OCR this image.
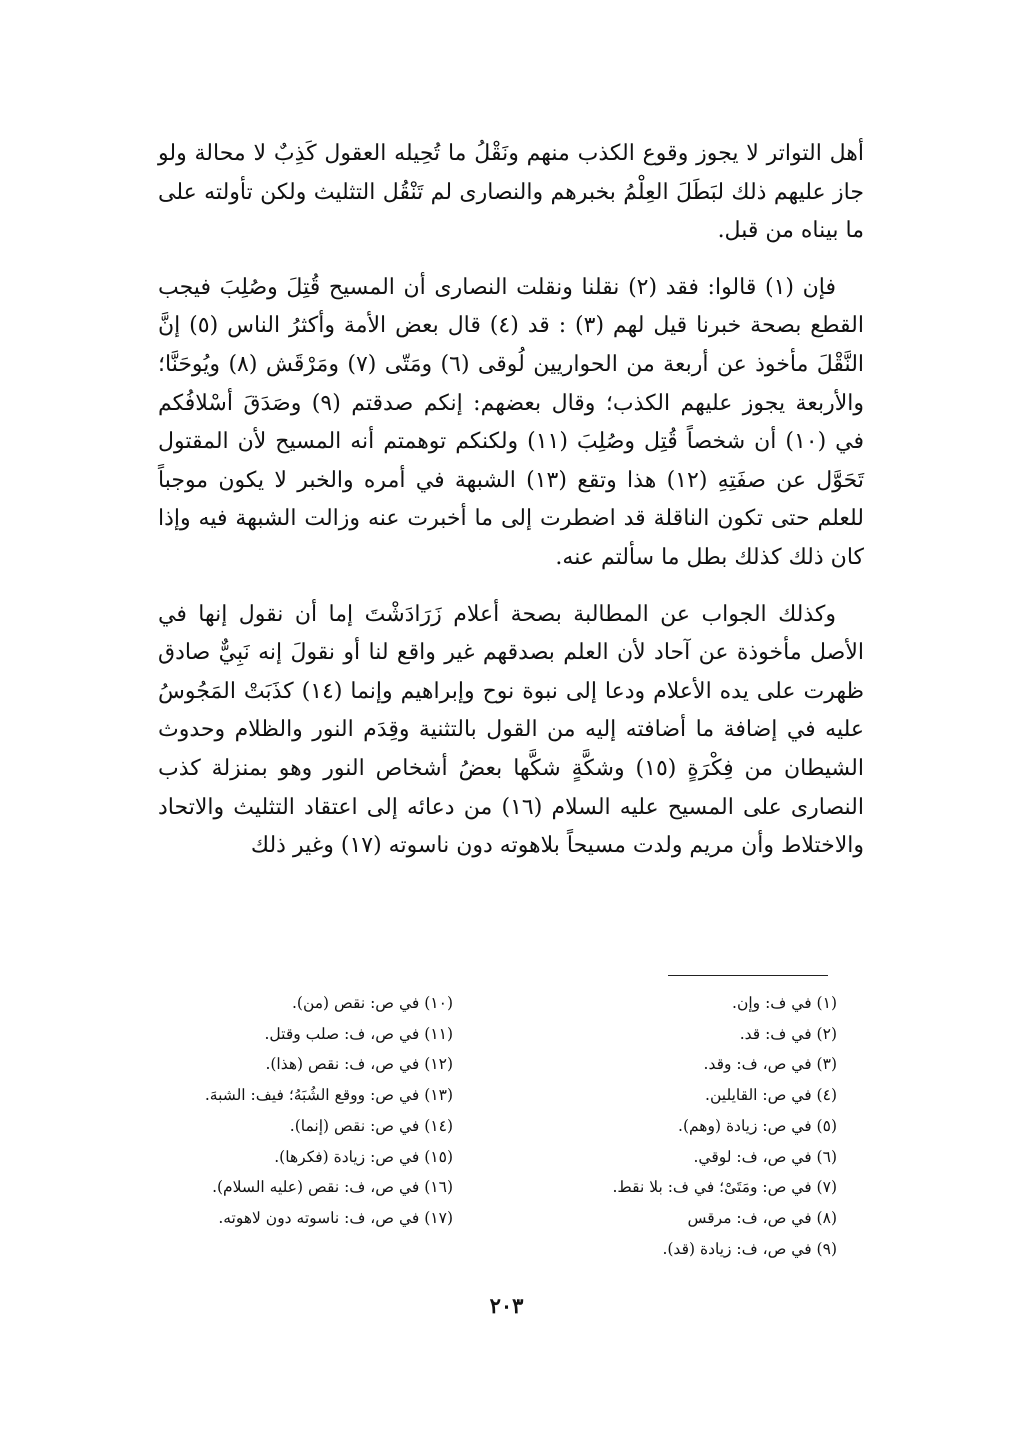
أهل التواتر لا يجوز وقوع الكذب منهم ونَقْلُ ما تُحِيله العقول كَذِبٌ لا محالة ولو جاز عليهم ذلك لبَطَلَ العِلْمُ بخبرهم والنصارى لم تَنْقُل التثليث ولكن تأولته على ما بيناه من قبل.

فإن (١) قالوا: فقد (٢) نقلنا ونقلت النصارى أن المسيح قُتِلَ وصُلِبَ فيجب القطع بصحة خبرنا قيل لهم (٣) : قد (٤) قال بعض الأمة وأكثرُ الناس (٥) إنَّ النَّقْلَ مأخوذ عن أربعة من الحواريين لُوقى (٦) ومَتّى (٧) ومَرْقَش (٨) ويُوحَنَّا؛ والأربعة يجوز عليهم الكذب؛ وقال بعضهم: إنكم صدقتم (٩) وصَدَقَ أسْلافُكم في (١٠) أن شخصاً قُتِل وصُلِبَ (١١) ولكنكم توهمتم أنه المسيح لأن المقتول تَحَوَّل عن صفَتِهِ (١٢) هذا وتقع (١٣) الشبهة في أمره والخبر لا يكون موجباً للعلم حتى تكون الناقلة قد اضطرت إلى ما أخبرت عنه وزالت الشبهة فيه وإذا كان ذلك كذلك بطل ما سألتم عنه.

وكذلك الجواب عن المطالبة بصحة أعلام زَرَادَشْتَ إما أن نقول إنها في الأصل مأخوذة عن آحاد لأن العلم بصدقهم غير واقع لنا أو نقولَ إنه نَبِيٌّ صادق ظهرت على يده الأعلام ودعا إلى نبوة نوح وإبراهيم وإنما (١٤) كذَبَتْ المَجُوسُ عليه في إضافة ما أضافته إليه من القول بالتثنية وقِدَم النور والظلام وحدوث الشيطان من فِكْرَةٍ (١٥) وشكَّةٍ شكَّها بعضُ أشخاص النور وهو بمنزلة كذب النصارى على المسيح عليه السلام (١٦) من دعائه إلى اعتقاد التثليث والاتحاد والاختلاط وأن مريم ولدت مسيحاً بلاهوته دون ناسوته (١٧) وغير ذلك

(١) في ف: وإن.
(٢) في ف: قد.
(٣) في ص، ف: وقد.
(٤) في ص: القايلين.
(٥) في ص: زيادة (وهم).
(٦) في ص، ف: لوقي.
(٧) في ص: ومَتَىْ؛ في ف: بلا نقط.
(٨) في ص، ف: مرقس
(٩) في ص، ف: زيادة (قد).
(١٠) في ص: نقص (من).
(١١) في ص، ف: صلب وقتل.
(١٢) في ص، ف: نقص (هذا).
(١٣) في ص: ووقع الشُبَهُ؛ فيف: الشبهَ.
(١٤) في ص: نقص (إنما).
(١٥) في ص: زيادة (فكرها).
(١٦) في ص، ف: نقص (عليه السلام).
(١٧) في ص، ف: ناسوته دون لاهوته.
٢٠٣
